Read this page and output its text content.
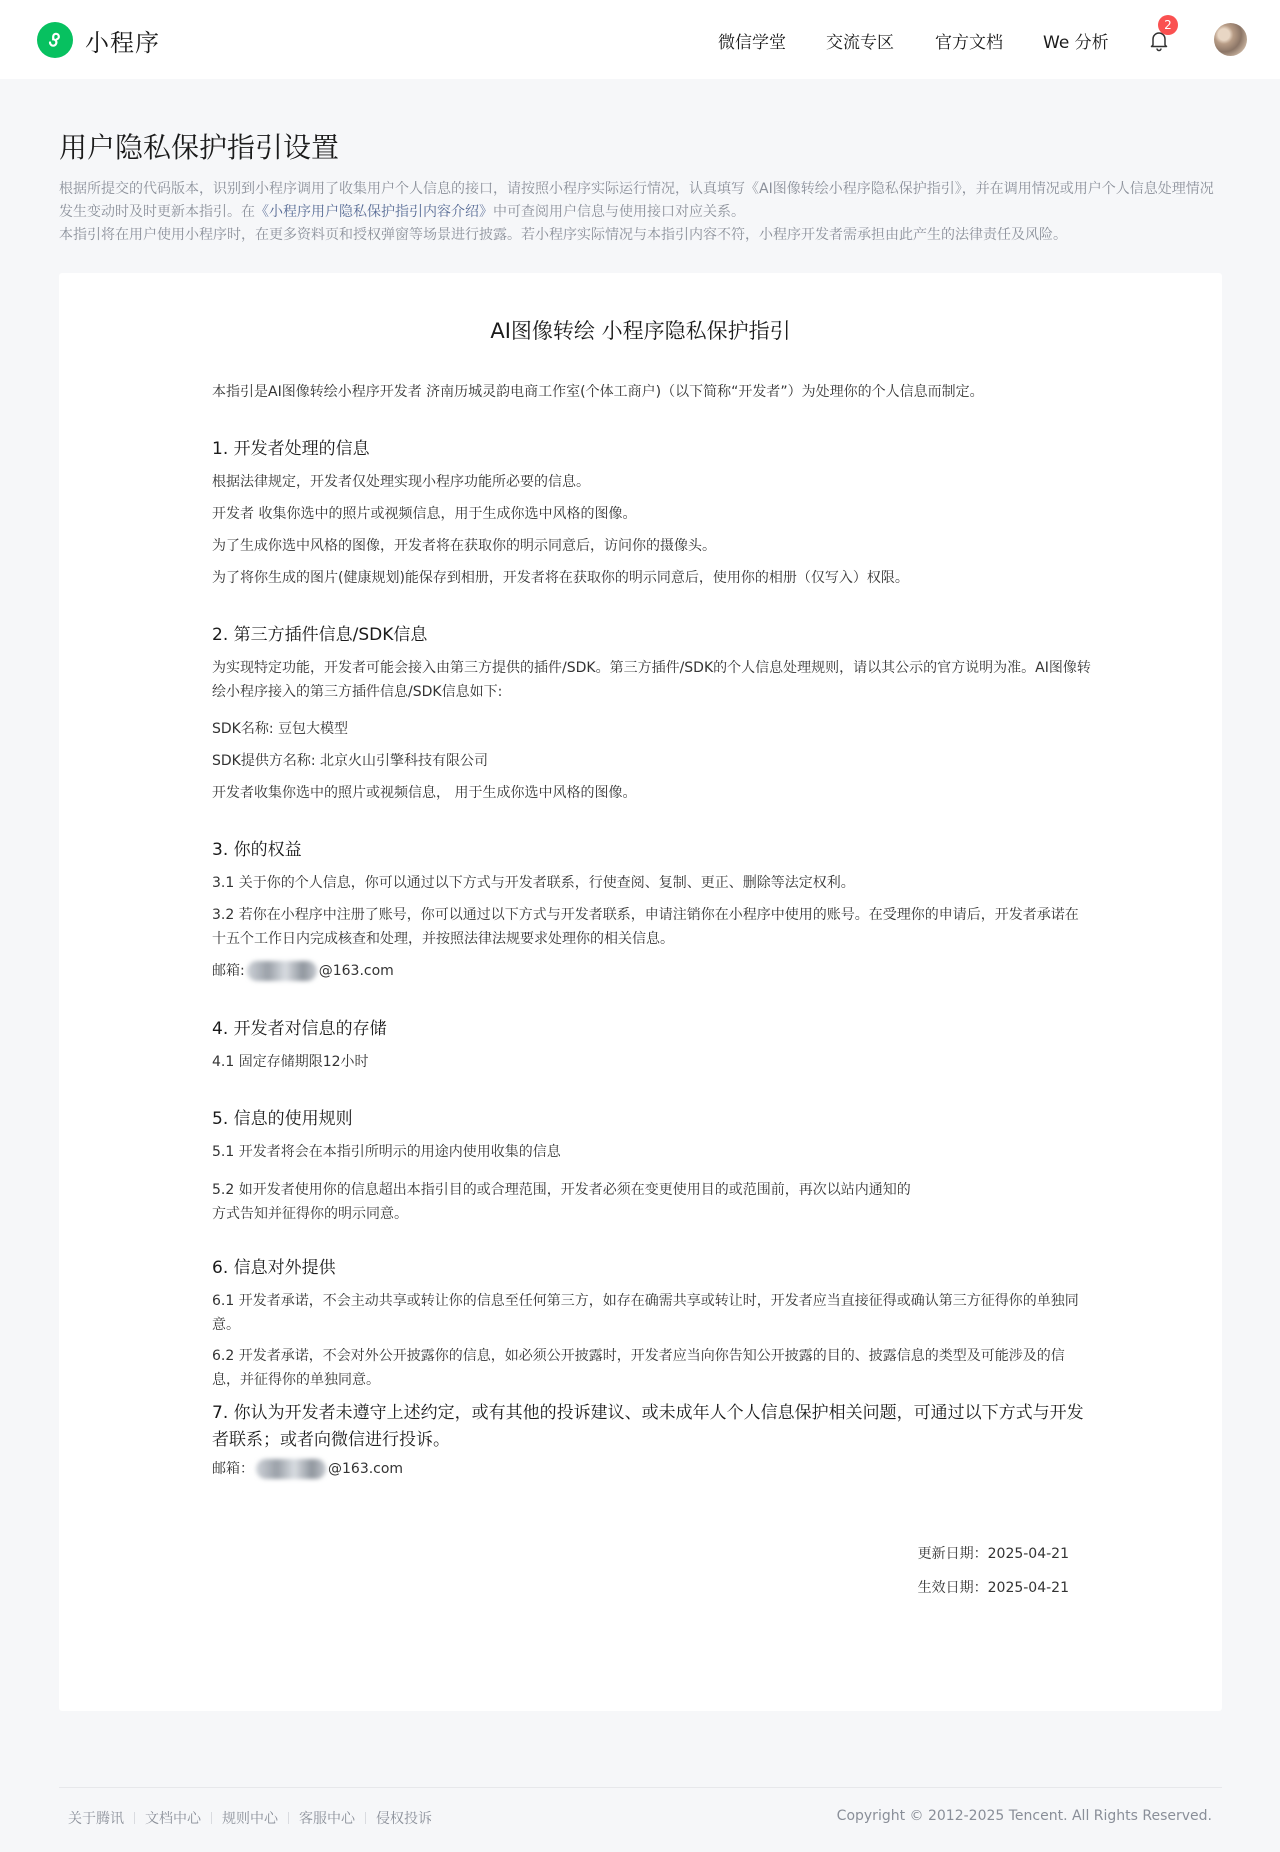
小程序	微信学堂 交流专区 官方文档 We 分析
2
用户隐私保护指引设置
根据所提交的代码版本，识别到小程序调用了收集用户个人信息的接口，请按照小程序实际运行情况，认真填写《AI图像转绘小程序隐私保护指引》，并在调用情况或用户个人信息处理情况发生变动时及时更新本指引。在《小程序用户隐私保护指引内容介绍》中可查阅用户信息与使用接口对应关系。
本指引将在用户使用小程序时，在更多资料页和授权弹窗等场景进行披露。若小程序实际情况与本指引内容不符，小程序开发者需承担由此产生的法律责任及风险。
AI图像转绘 小程序隐私保护指引
本指引是AI图像转绘小程序开发者 济南历城灵韵电商工作室(个体工商户)（以下简称“开发者”）为处理你的个人信息而制定。
1. 开发者处理的信息
根据法律规定，开发者仅处理实现小程序功能所必要的信息。
开发者 收集你选中的照片或视频信息，用于生成你选中风格的图像。
为了生成你选中风格的图像，开发者将在获取你的明示同意后，访问你的摄像头。
为了将你生成的图片(健康规划)能保存到相册，开发者将在获取你的明示同意后，使用你的相册（仅写入）权限。
2. 第三方插件信息/SDK信息
为实现特定功能，开发者可能会接入由第三方提供的插件/SDK。第三方插件/SDK的个人信息处理规则，请以其公示的官方说明为准。AI图像转绘小程序接入的第三方插件信息/SDK信息如下:
SDK名称: 豆包大模型
SDK提供方名称: 北京火山引擎科技有限公司
开发者收集你选中的照片或视频信息， 用于生成你选中风格的图像。
3. 你的权益
3.1 关于你的个人信息，你可以通过以下方式与开发者联系，行使查阅、复制、更正、删除等法定权利。
3.2 若你在小程序中注册了账号，你可以通过以下方式与开发者联系，申请注销你在小程序中使用的账号。在受理你的申请后，开发者承诺在十五个工作日内完成核查和处理，并按照法律法规要求处理你的相关信息。
邮箱:	@163.com
4. 开发者对信息的存储
4.1 固定存储期限12小时
5. 信息的使用规则
5.1 开发者将会在本指引所明示的用途内使用收集的信息
5.2 如开发者使用你的信息超出本指引目的或合理范围，开发者必须在变更使用目的或范围前，再次以站内通知的
方式告知并征得你的明示同意。
6. 信息对外提供
6.1 开发者承诺，不会主动共享或转让你的信息至任何第三方，如存在确需共享或转让时，开发者应当直接征得或确认第三方征得你的单独同意。
6.2 开发者承诺，不会对外公开披露你的信息，如必须公开披露时，开发者应当向你告知公开披露的目的、披露信息的类型及可能涉及的信息，并征得你的单独同意。
7. 你认为开发者未遵守上述约定，或有其他的投诉建议、或未成年人个人信息保护相关问题，可通过以下方式与开发者联系；或者向微信进行投诉。
邮箱：	@163.com
更新日期：2025-04-21
生效日期：2025-04-21
关于腾讯 文档中心 规则中心 客服中心 侵权投诉	Copyright © 2012-2025 Tencent. All Rights Reserved.
